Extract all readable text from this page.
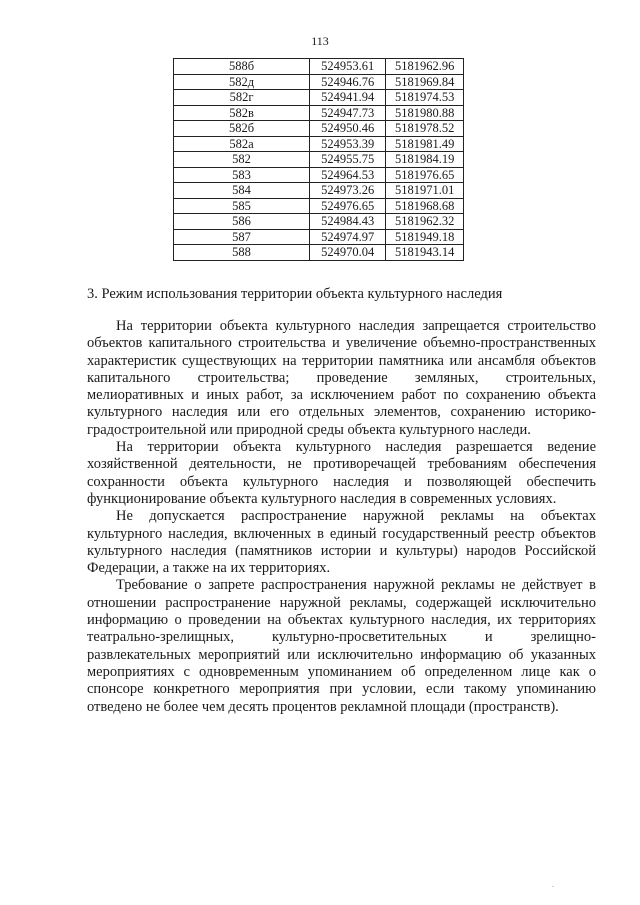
113
588б	524953.61	5181962.96
582д	524946.76	5181969.84
582г	524941.94	5181974.53
582в	524947.73	5181980.88
582б	524950.46	5181978.52
582а	524953.39	5181981.49
582	524955.75	5181984.19
583	524964.53	5181976.65
584	524973.26	5181971.01
585	524976.65	5181968.68
586	524984.43	5181962.32
587	524974.97	5181949.18
588	524970.04	5181943.14
3. Режим использования территории объекта культурного наследия

На территории объекта культурного наследия запрещается строительство объектов капитального строительства и увеличение объемно-пространственных характеристик существующих на территории памятника или ансамбля объектов капитального строительства; проведение земляных, строительных, мелиоративных и иных работ, за исключением работ по сохранению объекта культурного наследия или его отдельных элементов, сохранению историко-градостроительной или природной среды объекта культурного наследи.

На территории объекта культурного наследия разрешается ведение хозяйственной деятельности, не противоречащей требованиям обеспечения сохранности объекта культурного наследия и позволяющей обеспечить функционирование объекта культурного наследия в современных условиях.

Не допускается распространение наружной рекламы на объектах культурного наследия, включенных в единый государственный реестр объектов культурного наследия (памятников истории и культуры) народов Российской Федерации, а также на их территориях.

Требование о запрете распространения наружной рекламы не действует в отношении распространение наружной рекламы, содержащей исключительно информацию о проведении на объектах культурного наследия, их территориях театрально-зрелищных, культурно-просветительных и зрелищно-развлекательных мероприятий или исключительно информацию об указанных мероприятиях с одновременным упоминанием об определенном лице как о спонсоре конкретного мероприятия при условии, если такому упоминанию отведено не более чем десять процентов рекламной площади (пространств).

.
